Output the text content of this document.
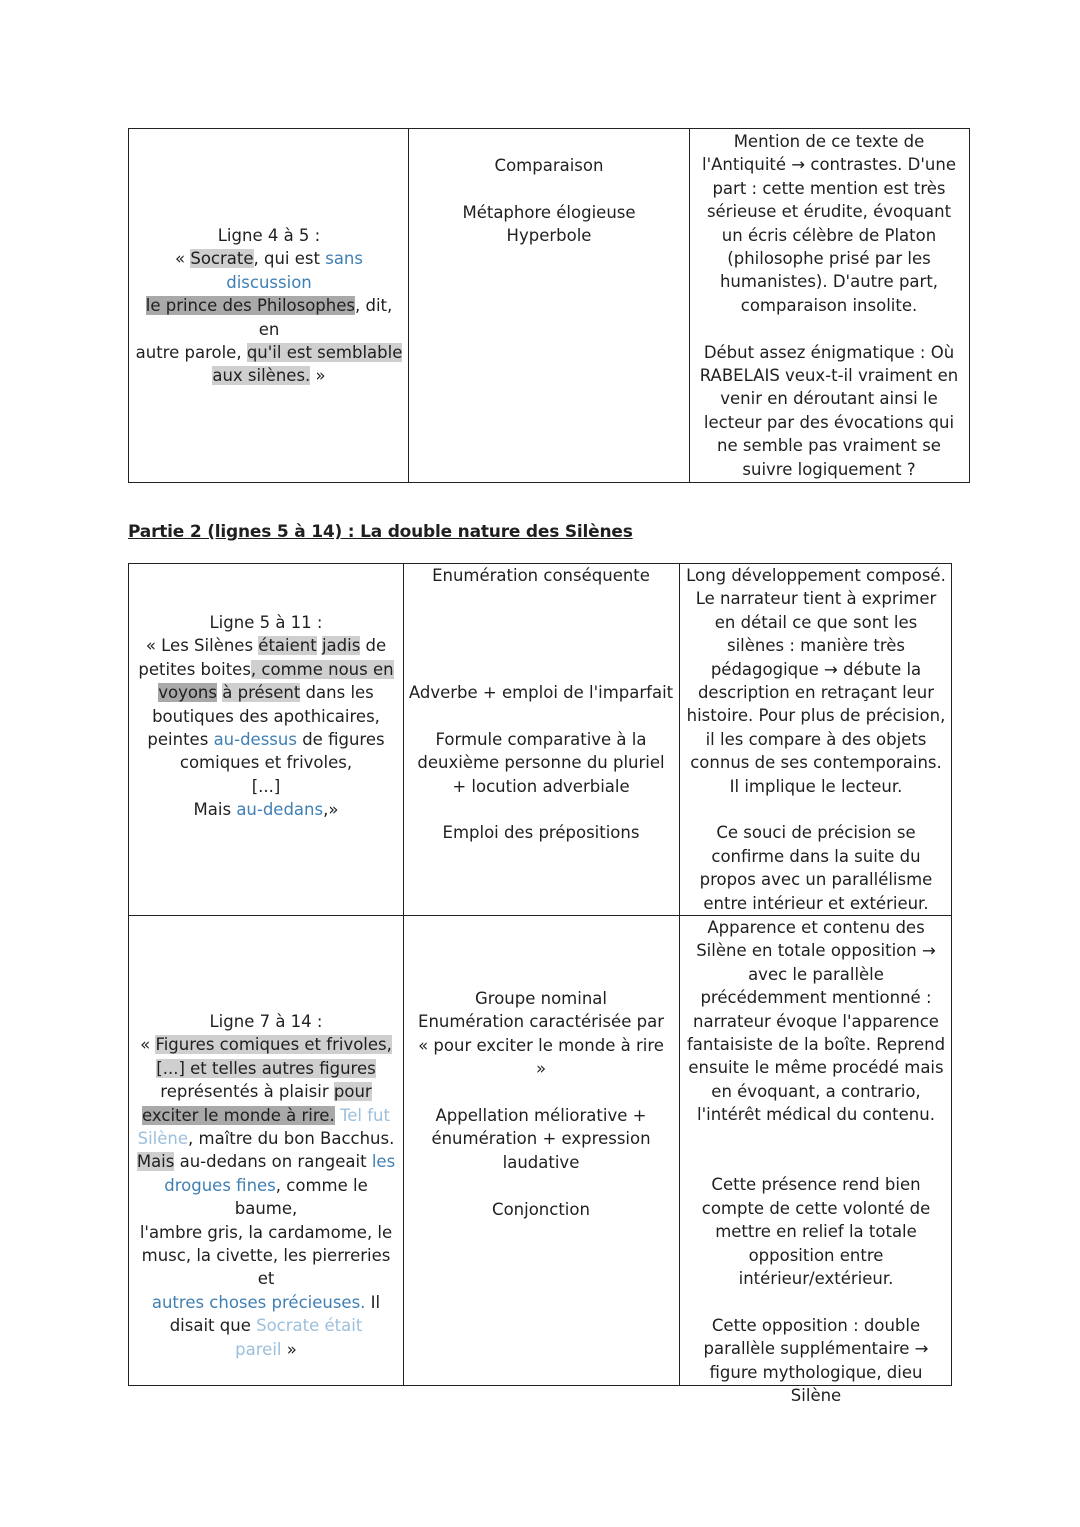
Ligne 4 à 5 :

« Socrate, qui est sans discussion
le prince des Philosophes, dit, en
autre parole, qu'il est semblable
aux silènes. »

Comparaison

Métaphore élogieuse

Hyperbole

Mention de ce texte de l'Antiquité → contrastes. D'une part : cette mention est très sérieuse et érudite, évoquant un écris célèbre de Platon (philosophe prisé par les humanistes). D'autre part, comparaison insolite.

Début assez énigmatique : Où RABELAIS veux-t-il vraiment en venir en déroutant ainsi le lecteur par des évocations qui ne semble pas vraiment se suivre logiquement ?

Partie 2 (lignes 5 à 14) : La double nature des Silènes

Ligne 5 à 11 :

« Les Silènes étaient jadis de
petites boites, comme nous en
voyons à présent dans les
boutiques des apothicaires,
peintes au-dessus de figures
comiques et frivoles,
[...]
Mais au-dedans,»

Enumération conséquente

Adverbe + emploi de l'imparfait

Formule comparative à la deuxième personne du pluriel + locution adverbiale

Emploi des prépositions

Long développement composé. Le narrateur tient à exprimer en détail ce que sont les silènes : manière très pédagogique → débute la description en retraçant leur histoire. Pour plus de précision, il les compare à des objets connus de ses contemporains. Il implique le lecteur.

Ce souci de précision se confirme dans la suite du propos avec un parallélisme entre intérieur et extérieur.

Ligne 7 à 14 :

« Figures comiques et frivoles,
[...] et telles autres figures
représentés à plaisir pour
exciter le monde à rire. Tel fut
Silène, maître du bon Bacchus.
Mais au-dedans on rangeait les
drogues fines, comme le baume,
l'ambre gris, la cardamome, le
musc, la civette, les pierreries et
autres choses précieuses. Il
disait que Socrate était
pareil »

Groupe nominal

Enumération caractérisée par « pour exciter le monde à rire »

Appellation méliorative + énumération + expression laudative

Conjonction

Apparence et contenu des Silène en totale opposition → avec le parallèle précédemment mentionné : narrateur évoque l'apparence fantaisiste de la boîte. Reprend ensuite le même procédé mais en évoquant, a contrario, l'intérêt médical du contenu.

Cette présence rend bien compte de cette volonté de mettre en relief la totale opposition entre intérieur/extérieur.

Cette opposition : double parallèle supplémentaire → figure mythologique, dieu Silène
